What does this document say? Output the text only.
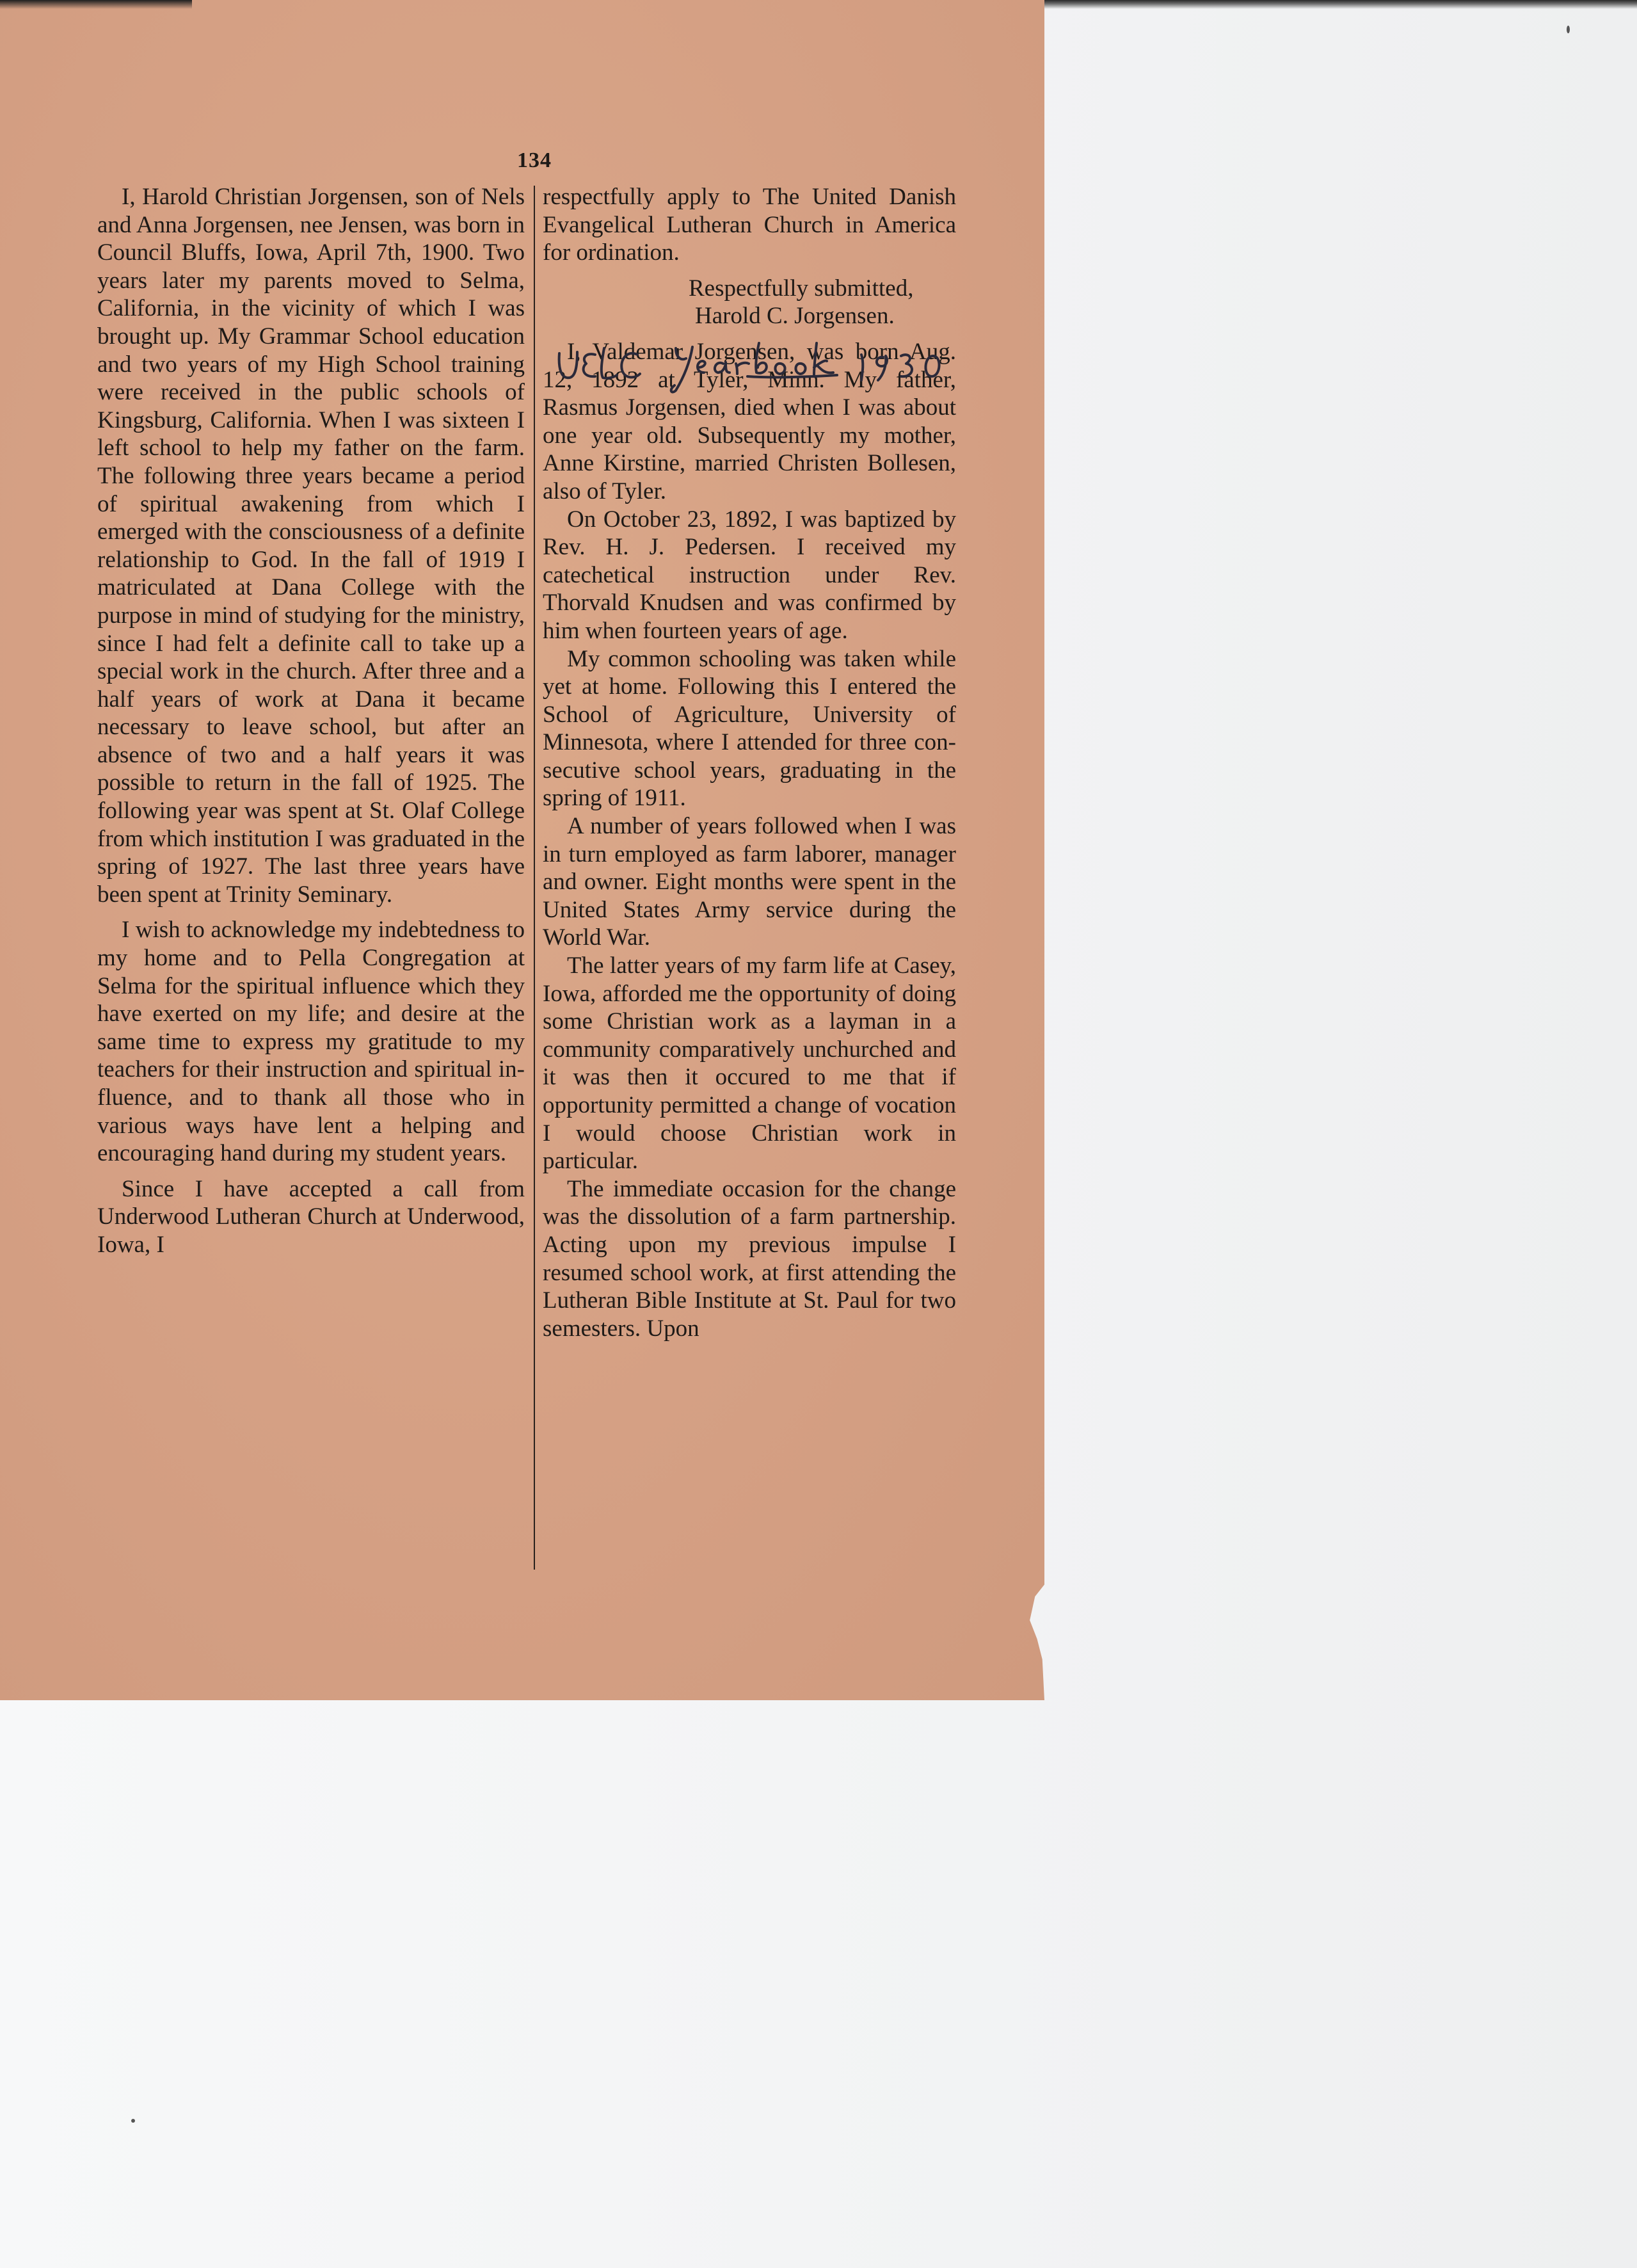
134

I, Harold Christian Jorgensen, son of Nels and Anna Jorgensen, nee Jensen, was born in Council Bluffs, Iowa, April 7th, 1900. Two years later my parents moved to Selma, California, in the vicinity of which I was brought up. My Grammar School education and two years of my High School training were received in the public schools of Kingsburg, California. When I was sixteen I left school to help my father on the farm. The following three years became a period of spiritual awakening from which I emerged with the consciousness of a definite relationship to God. In the fall of 1919 I matriculated at Dana College with the purpose in mind of studying for the ministry, since I had felt a definite call to take up a special work in the church. After three and a half years of work at Dana it became necessary to leave school, but after an absence of two and a half years it was possible to return in the fall of 1925. The following year was spent at St. Olaf College from which institution I was graduated in the spring of 1927. The last three years have been spent at Trinity Seminary.

I wish to acknowledge my indebtedness to my home and to Pella Congregation at Selma for the spiritual influence which they have exerted on my life; and desire at the same time to express my gratitude to my teachers for their instruction and spiritual influence, and to thank all those who in various ways have lent a helping and encouraging hand during my student years.

Since I have accepted a call from Underwood Lutheran Church at Underwood, Iowa, I

respectfully apply to The United Danish Evangelical Lutheran Church in America for ordination.

Respectfully submitted,

Harold C. Jorgensen.

I, Valdemar Jorgensen, was born Aug. 12, 1892 at Tyler, Minn. My father, Rasmus Jorgensen, died when I was about one year old. Subsequently my mother, Anne Kirstine, married Christen Bollesen, also of Tyler.

On October 23, 1892, I was baptized by Rev. H. J. Pedersen. I received my catechetical instruction under Rev. Thorvald Knudsen and was confirmed by him when fourteen years of age.

My common schooling was taken while yet at home. Following this I entered the School of Agriculture, University of Minnesota, where I attended for three consecutive school years, graduating in the spring of 1911.

A number of years followed when I was in turn employed as farm laborer, manager and owner. Eight months were spent in the United States Army service during the World War.

The latter years of my farm life at Casey, Iowa, afforded me the opportunity of doing some Christian work as a layman in a community comparatively unchurched and it was then it occured to me that if opportunity permitted a change of vocation I would choose Christian work in particular.

The immediate occasion for the change was the dissolution of a farm partnership. Acting upon my previous impulse I resumed school work, at first attending the Lutheran Bible Institute at St. Paul for two semesters. Upon
